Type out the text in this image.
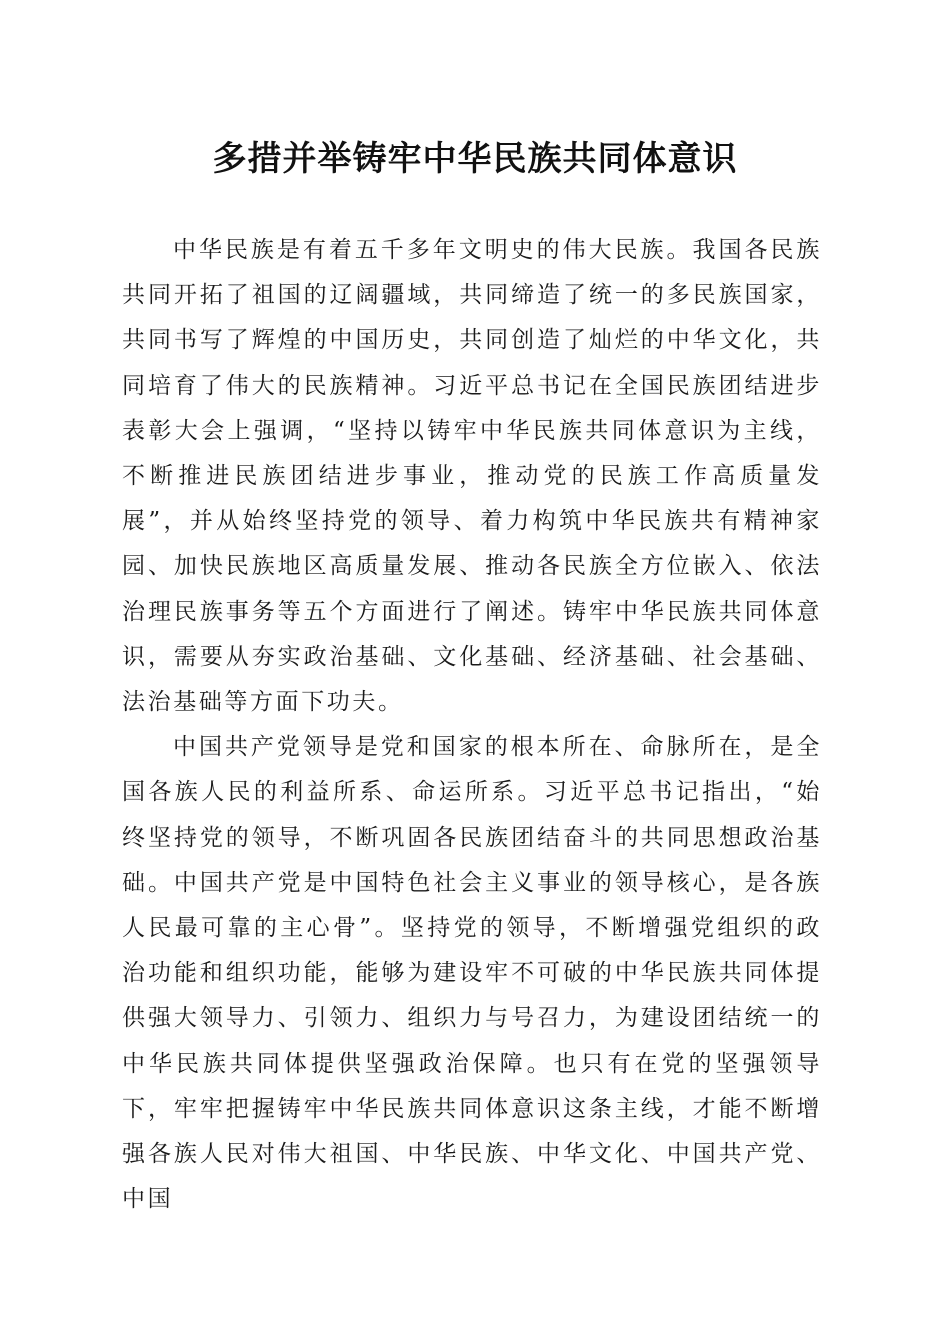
多措并举铸牢中华民族共同体意识

中华民族是有着五千多年文明史的伟大民族。我国各民族共同开拓了祖国的辽阔疆域，共同缔造了统一的多民族国家，共同书写了辉煌的中国历史，共同创造了灿烂的中华文化，共同培育了伟大的民族精神。习近平总书记在全国民族团结进步表彰大会上强调，“坚持以铸牢中华民族共同体意识为主线，不断推进民族团结进步事业，推动党的民族工作高质量发展”，并从始终坚持党的领导、着力构筑中华民族共有精神家园、加快民族地区高质量发展、推动各民族全方位嵌入、依法治理民族事务等五个方面进行了阐述。铸牢中华民族共同体意识，需要从夯实政治基础、文化基础、经济基础、社会基础、法治基础等方面下功夫。

中国共产党领导是党和国家的根本所在、命脉所在，是全国各族人民的利益所系、命运所系。习近平总书记指出，“始终坚持党的领导，不断巩固各民族团结奋斗的共同思想政治基础。中国共产党是中国特色社会主义事业的领导核心，是各族人民最可靠的主心骨”。坚持党的领导，不断增强党组织的政治功能和组织功能，能够为建设牢不可破的中华民族共同体提供强大领导力、引领力、组织力与号召力，为建设团结统一的中华民族共同体提供坚强政治保障。也只有在党的坚强领导下，牢牢把握铸牢中华民族共同体意识这条主线，才能不断增强各族人民对伟大祖国、中华民族、中华文化、中国共产党、中国
